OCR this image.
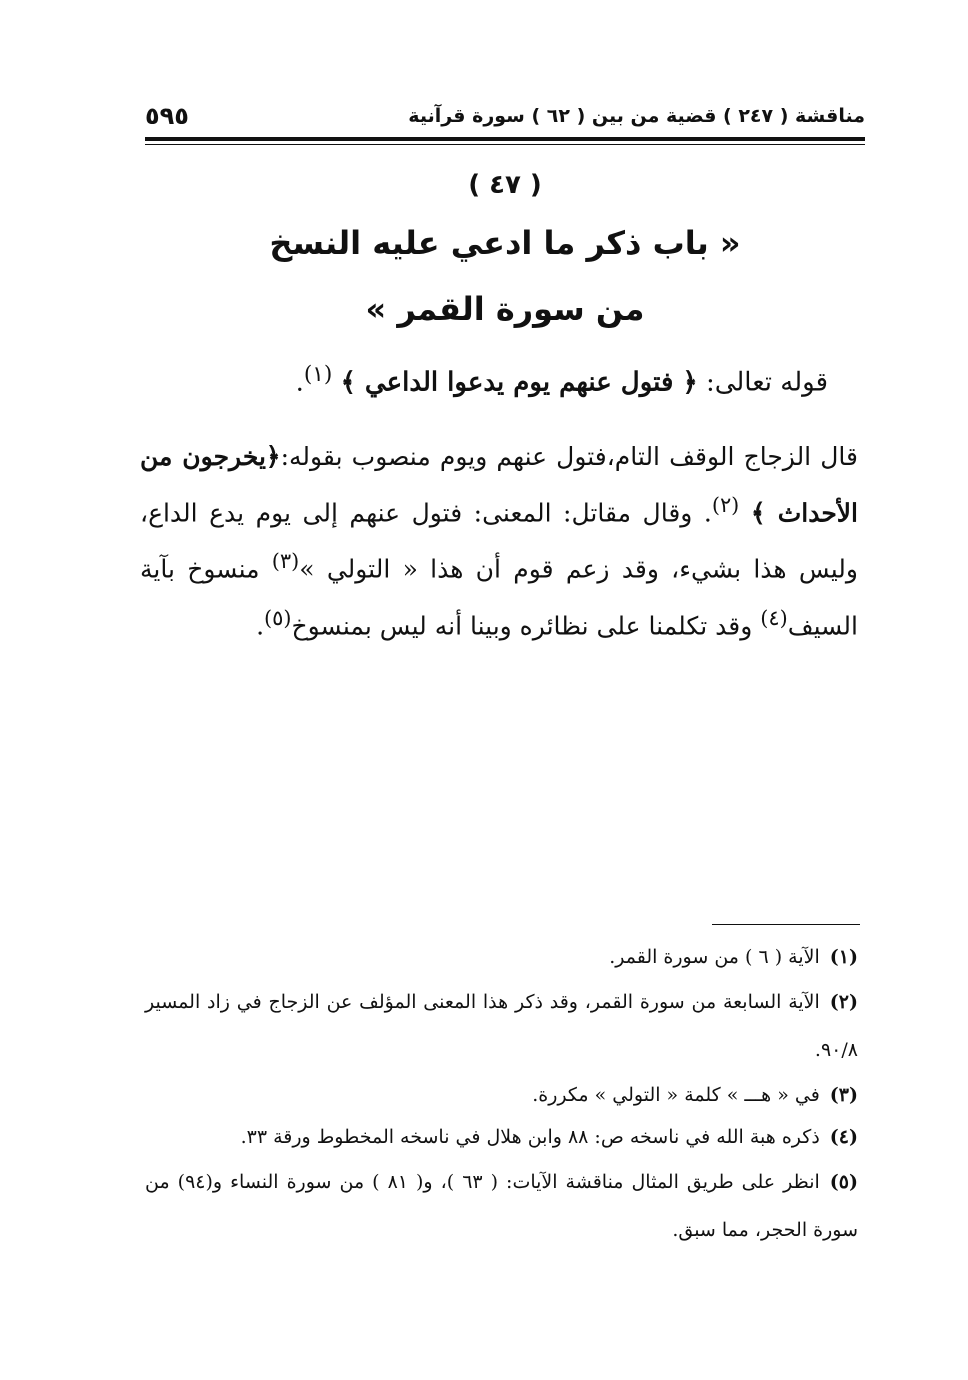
مناقشة ( ٢٤٧ ) قضية من بين ( ٦٢ ) سورة قرآنية
٥٩٥
( ٤٧ )
« باب ذكر ما ادعي عليه النسخ
من سورة القمر »
قوله تعالى: ﴿ فتول عنهم يوم يدعوا الداعي ﴾ $^{(١)}$.

قال الزجاج الوقف التام،فتول عنهم ويوم منصوب بقوله:﴿يخرجون من الأحداث ﴾ $^{(٢)}$. وقال مقاتل: المعنى: فتول عنهم إلى يوم يدع الداع، وليس هذا بشيء، وقد زعم قوم أن هذا « التولي »$^{(٣)}$ منسوخ بآية السيف$^{(٤)}$ وقد تكلمنا على نظائره وبينا أنه ليس بمنسوخ$^{(٥)}$.

(١)الآية ( ٦ ) من سورة القمر.
(٢)الآية السابعة من سورة القمر، وقد ذكر هذا المعنى المؤلف عن الزجاج في زاد المسير ٩٠/٨.
(٣)في « هـــ » كلمة « التولي » مكررة.
(٤)ذكره هبة الله في ناسخه ص: ٨٨ وابن هلال في ناسخه المخطوط ورقة ٣٣.
(٥)انظر على طريق المثال مناقشة الآيات: ( ٦٣ )، و( ٨١ ) من سورة النساء و(٩٤) من سورة الحجر، مما سبق.
